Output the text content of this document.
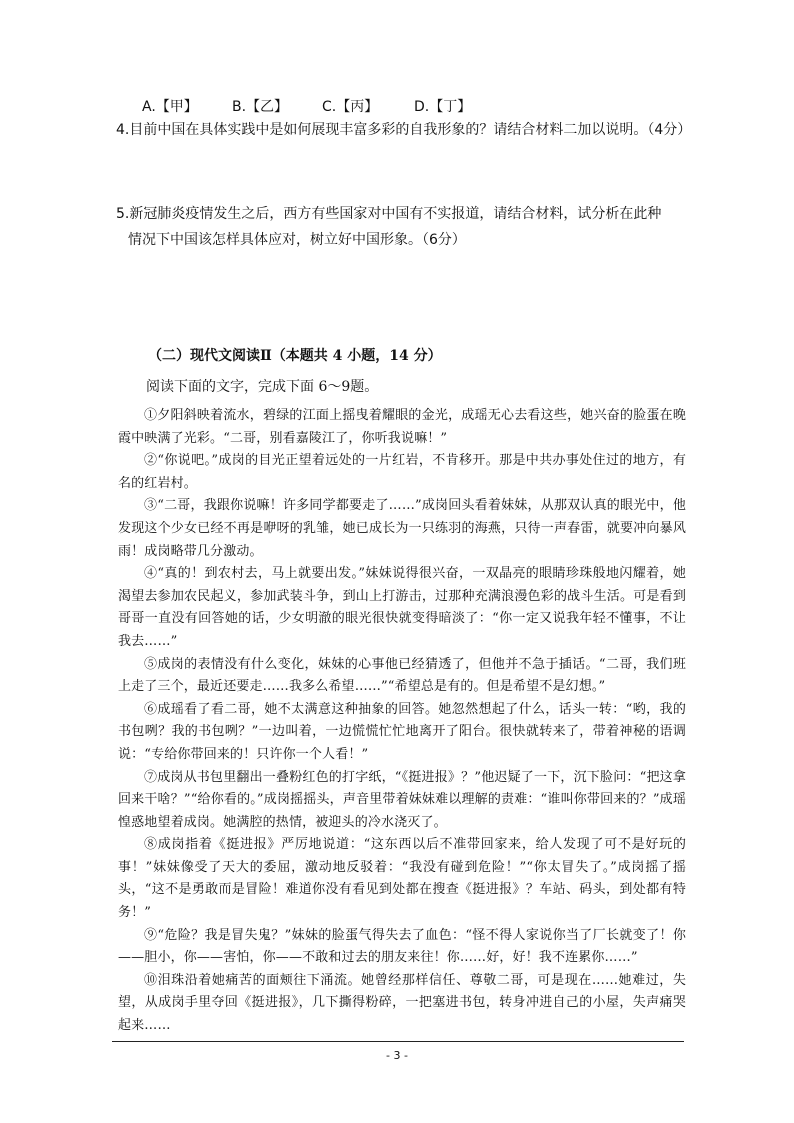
A.【甲】 B.【乙】 C.【丙】	D.【丁】
4.目前中国在具体实践中是如何展现丰富多彩的自我形象的？请结合材料二加以说明。（4分）
5.新冠肺炎疫情发生之后，西方有些国家对中国有不实报道，请结合材料，试分析在此种
情况下中国该怎样具体应对，树立好中国形象。（6分）
（二）现代文阅读Ⅱ（本题共 4 小题，14 分）
阅读下面的文字，完成下面 6～9题。

①夕阳斜映着流水，碧绿的江面上摇曳着耀眼的金光，成瑶无心去看这些，她兴奋的脸蛋在晚霞中映满了光彩。“二哥，别看嘉陵江了，你听我说嘛！”

②“你说吧。”成岗的目光正望着远处的一片红岩，不肯移开。那是中共办事处住过的地方，有名的红岩村。

③“二哥，我跟你说嘛！许多同学都要走了……”成岗回头看着妹妹，从那双认真的眼光中，他发现这个少女已经不再是咿呀的乳雏，她已成长为一只练羽的海燕，只待一声春雷，就要冲向暴风雨！成岗略带几分激动。

④“真的！到农村去，马上就要出发。”妹妹说得很兴奋，一双晶亮的眼睛珍珠般地闪耀着，她渴望去参加农民起义，参加武装斗争，到山上打游击，过那种充满浪漫色彩的战斗生活。可是看到哥哥一直没有回答她的话，少女明澈的眼光很快就变得暗淡了：“你一定又说我年轻不懂事，不让我去……”

⑤成岗的表情没有什么变化，妹妹的心事他已经猜透了，但他并不急于插话。“二哥，我们班上走了三个，最近还要走……我多么希望……”“希望总是有的。但是希望不是幻想。”

⑥成瑶看了看二哥，她不太满意这种抽象的回答。她忽然想起了什么，话头一转：“哟，我的书包咧？我的书包咧？”一边叫着，一边慌慌忙忙地离开了阳台。很快就转来了，带着神秘的语调说：“专给你带回来的！只许你一个人看！”

⑦成岗从书包里翻出一叠粉红色的打字纸，“《挺进报》？”他迟疑了一下，沉下脸问：“把这拿回来干啥？”“给你看的。”成岗摇摇头，声音里带着妹妹难以理解的责难：“谁叫你带回来的？”成瑶惶惑地望着成岗。她满腔的热情，被迎头的冷水浇灭了。

⑧成岗指着《挺进报》严厉地说道：“这东西以后不准带回家来，给人发现了可不是好玩的事！”妹妹像受了天大的委屈，激动地反驳着：“我没有碰到危险！”“你太冒失了。”成岗摇了摇头，“这不是勇敢而是冒险！难道你没有看见到处都在搜查《挺进报》？车站、码头，到处都有特务！”

⑨“危险？我是冒失鬼？”妹妹的脸蛋气得失去了血色：“怪不得人家说你当了厂长就变了！你——胆小，你——害怕，你——不敢和过去的朋友来往！你……好，好！我不连累你……”

⑩泪珠沿着她痛苦的面颊往下涌流。她曾经那样信任、尊敬二哥，可是现在……她难过，失望，从成岗手里夺回《挺进报》，几下撕得粉碎，一把塞进书包，转身冲进自己的小屋，失声痛哭起来……

- 3 -
